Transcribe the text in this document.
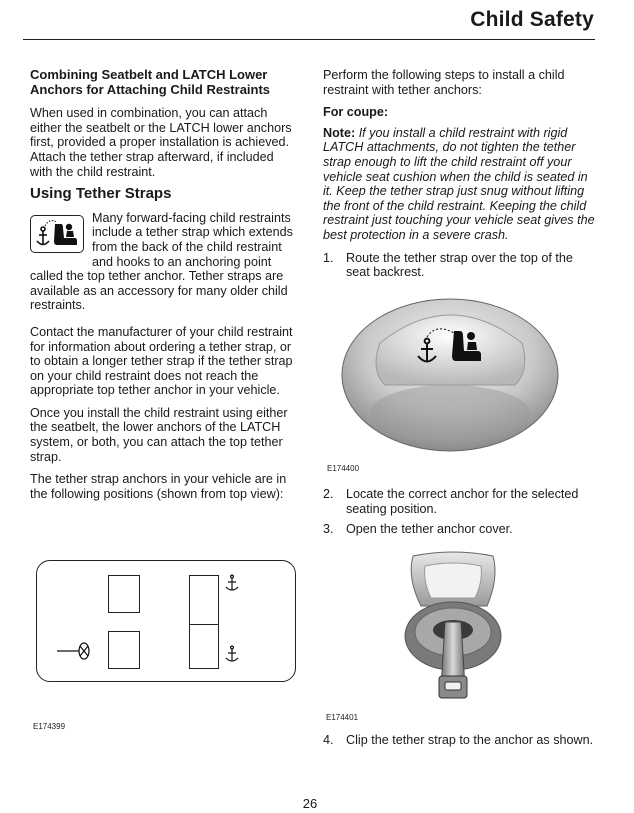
Child Safety
Combining Seatbelt and LATCH Lower Anchors for Attaching Child Restraints

When used in combination, you can attach either the seatbelt or the LATCH lower anchors first, provided a proper installation is achieved. Attach the tether strap afterward, if included with the child restraint.

Using Tether Straps

Many forward-facing child restraints include a tether strap which extends from the back of the child restraint and hooks to an anchoring point called the top tether anchor. Tether straps are available as an accessory for many older child restraints.

Contact the manufacturer of your child restraint for information about ordering a tether strap, or to obtain a longer tether strap if the tether strap on your child restraint does not reach the appropriate top tether anchor in your vehicle.

Once you install the child restraint using either the seatbelt, the lower anchors of the LATCH system, or both, you can attach the top tether strap.

The tether strap anchors in your vehicle are in the following positions (shown from top view):

E174399

Perform the following steps to install a child restraint with tether anchors:

For coupe:

Note: If you install a child restraint with rigid LATCH attachments, do not tighten the tether strap enough to lift the child restraint off your vehicle seat cushion when the child is seated in it. Keep the tether strap just snug without lifting the front of the child restraint. Keeping the child restraint just touching your vehicle seat gives the best protection in a severe crash.

1. Route the tether strap over the top of the seat backrest.
E174400
2. Locate the correct anchor for the selected seating position.
3. Open the tether anchor cover.
E174401
4. Clip the tether strap to the anchor as shown.
26
